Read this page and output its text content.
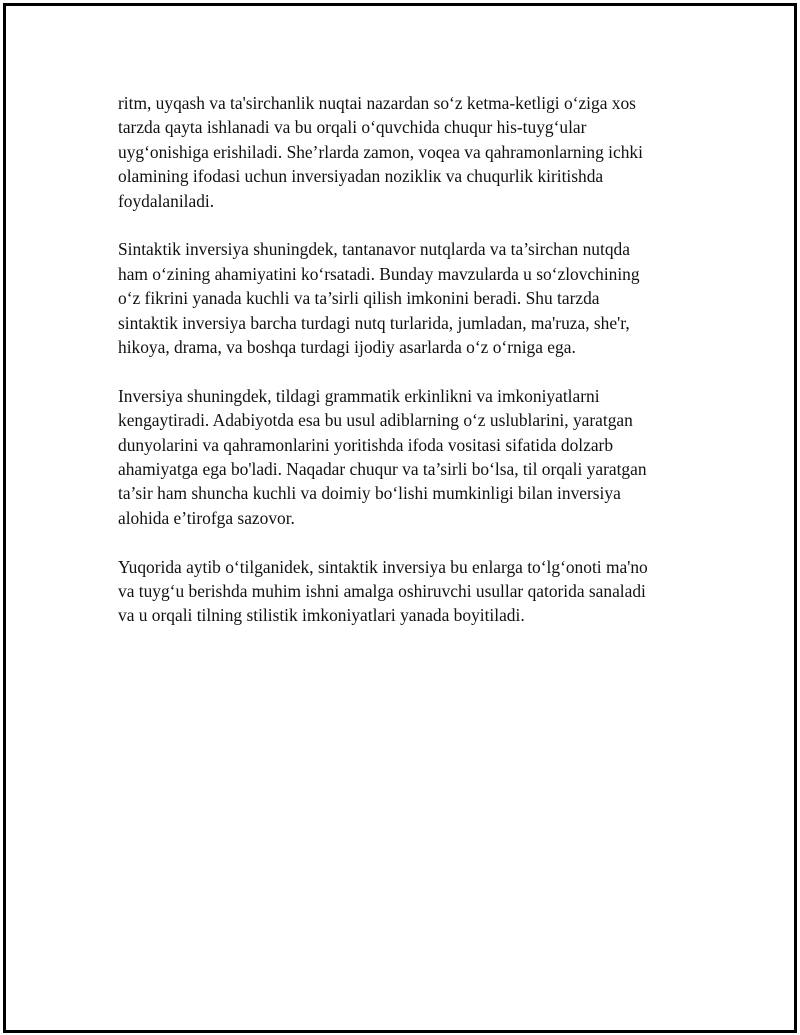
ritm, uyqash va ta'sirchanlik nuqtai nazardan so‘z ketma-ketligi o‘ziga xos
tarzda qayta ishlanadi va bu orqali o‘quvchida chuqur his-tuyg‘ular
uyg‘onishiga erishiladi. She’rlarda zamon, voqea va qahramonlarning ichki
olamining ifodasi uchun inversiyadan nozikliк va chuqurlik kiritishda
foydalaniladi.

Sintaktik inversiya shuningdek, tantanavor nutqlarda va ta’sirchan nutqda
ham o‘zining ahamiyatini ko‘rsatadi. Bunday mavzularda u so‘zlovchining
o‘z fikrini yanada kuchli va ta’sirli qilish imkonini beradi. Shu tarzda
sintaktik inversiya barcha turdagi nutq turlarida, jumladan, ma'ruza, she'r,
hikoya, drama, va boshqa turdagi ijodiy asarlarda o‘z o‘rniga ega.

Inversiya shuningdek, tildagi grammatik erkinlikni va imkoniyatlarni
kengaytiradi. Adabiyotda esa bu usul adiblarning o‘z uslublarini, yaratgan
dunyolarini va qahramonlarini yoritishda ifoda vositasi sifatida dolzarb
ahamiyatga ega bo'ladi. Naqadar chuqur va ta’sirli bo‘lsa, til orqali yaratgan
ta’sir ham shuncha kuchli va doimiy bo‘lishi mumkinligi bilan inversiya
alohida e’tirofga sazovor.

Yuqorida aytib o‘tilganidek, sintaktik inversiya bu enlarga to‘lg‘onoti ma'no
va tuyg‘u berishda muhim ishni amalga oshiruvchi usullar qatorida sanaladi
va u orqali tilning stilistik imkoniyatlari yanada boyitiladi.
